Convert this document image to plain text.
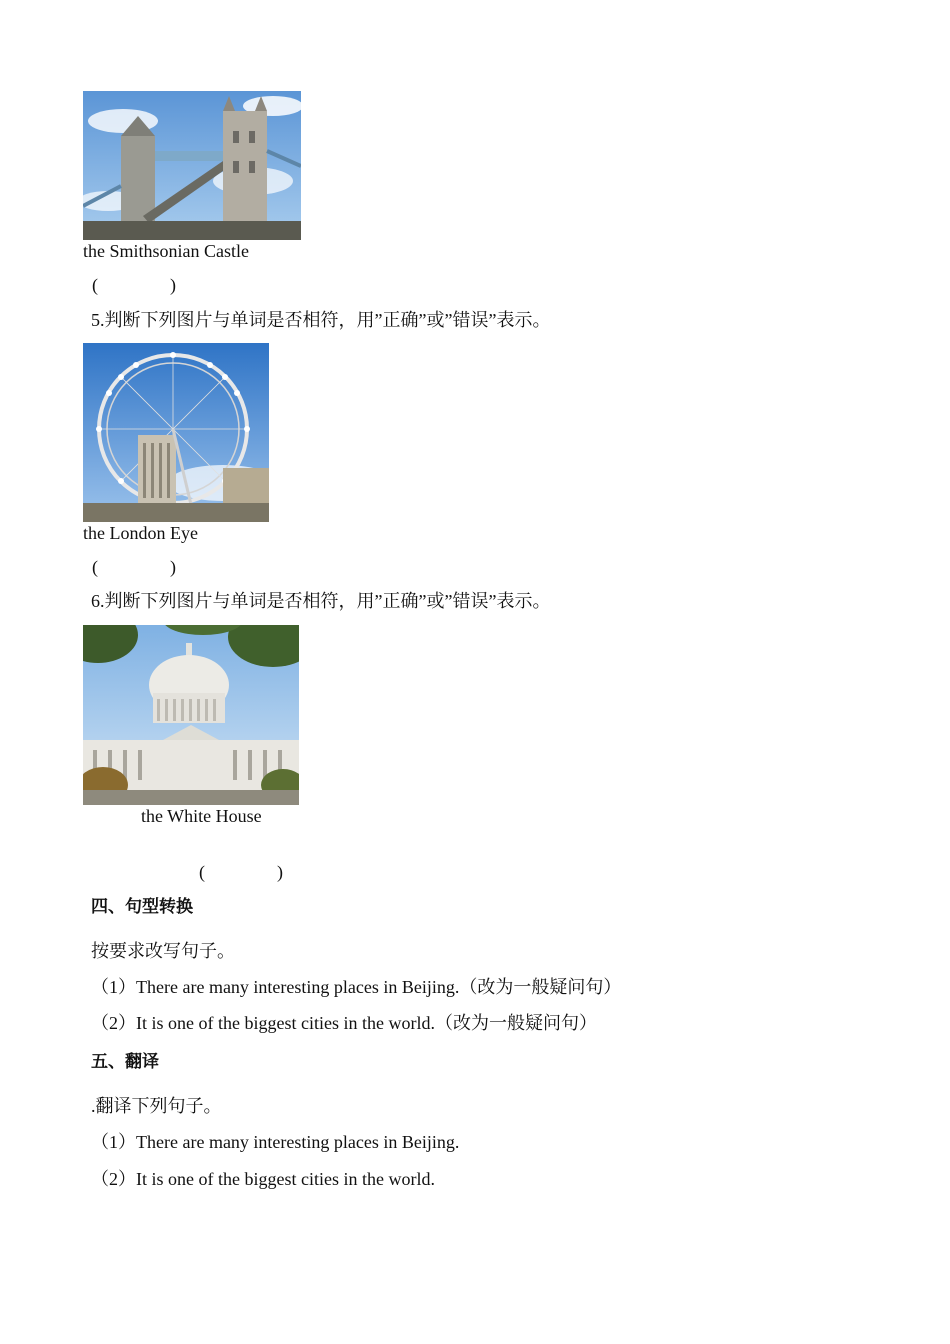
the Smithsonian Castle
(	)
5.判断下列图片与单词是否相符，用”正确”或”错误”表示。
the London Eye
(	)
6.判断下列图片与单词是否相符，用”正确”或”错误”表示。
the White House
(	)
四、句型转换
按要求改写句子。
（1）There are many interesting places in Beijing.（改为一般疑问句）
（2）It is one of the biggest cities in the world.（改为一般疑问句）
五、翻译
.翻译下列句子。
（1）There are many interesting places in Beijing.
（2）It is one of the biggest cities in the world.
